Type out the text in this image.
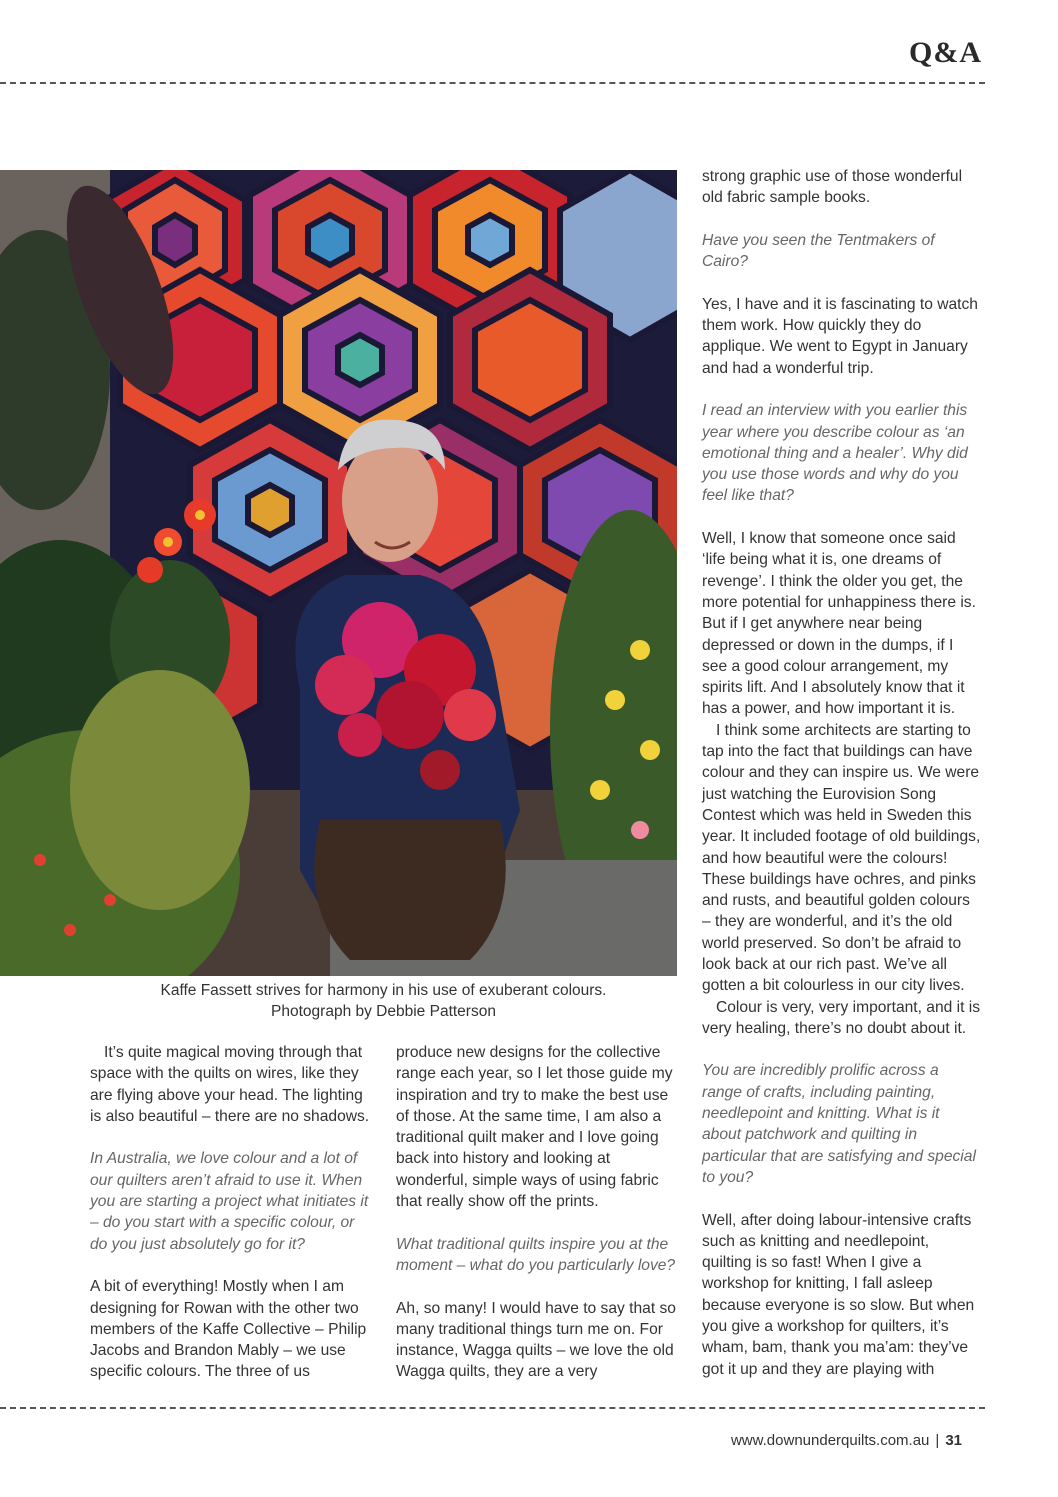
Q&A
Kaffe Fassett strives for harmony in his use of exuberant colours.
Photograph by Debbie Patterson

It’s quite magical moving through that space with the quilts on wires, like they are flying above your head. The lighting is also beautiful – there are no shadows.

In Australia, we love colour and a lot of our quilters aren’t afraid to use it. When you are starting a project what initiates it – do you start with a specific colour, or do you just absolutely go for it?

A bit of everything! Mostly when I am designing for Rowan with the other two members of the Kaffe Collective – Philip Jacobs and Brandon Mably – we use specific colours. The three of us

produce new designs for the collective range each year, so I let those guide my inspiration and try to make the best use of those. At the same time, I am also a traditional quilt maker and I love going back into history and looking at wonderful, simple ways of using fabric that really show off the prints.

What traditional quilts inspire you at the moment – what do you particularly love?

Ah, so many! I would have to say that so many traditional things turn me on. For instance, Wagga quilts – we love the old Wagga quilts, they are a very

strong graphic use of those wonderful old fabric sample books.

Have you seen the Tentmakers of Cairo?

Yes, I have and it is fascinating to watch them work. How quickly they do applique. We went to Egypt in January and had a wonderful trip.

I read an interview with you earlier this year where you describe colour as ‘an emotional thing and a healer’. Why did you use those words and why do you feel like that?

Well, I know that someone once said ‘life being what it is, one dreams of revenge’. I think the older you get, the more potential for unhappiness there is. But if I get anywhere near being depressed or down in the dumps, if I see a good colour arrangement, my spirits lift. And I absolutely know that it has a power, and how important it is.

I think some architects are starting to tap into the fact that buildings can have colour and they can inspire us. We were just watching the Eurovision Song Contest which was held in Sweden this year. It included footage of old buildings, and how beautiful were the colours! These buildings have ochres, and pinks and rusts, and beautiful golden colours – they are wonderful, and it’s the old world preserved. So don’t be afraid to look back at our rich past. We’ve all gotten a bit colourless in our city lives.

Colour is very, very important, and it is very healing, there’s no doubt about it.

You are incredibly prolific across a range of crafts, including painting, needlepoint and knitting. What is it about patchwork and quilting in particular that are satisfying and special to you?

Well, after doing labour-intensive crafts such as knitting and needlepoint, quilting is so fast! When I give a workshop for knitting, I fall asleep because everyone is so slow. But when you give a workshop for quilters, it’s wham, bam, thank you ma’am: they’ve got it up and they are playing with

www.downunderquilts.com.au | 31
